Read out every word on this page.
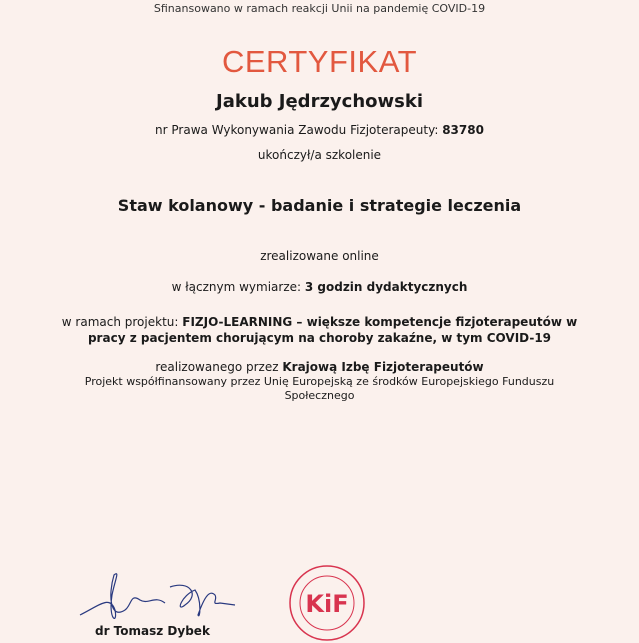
Sfinansowano w ramach reakcji Unii na pandemię COVID-19
CERTYFIKAT
Jakub Jędrzychowski
nr Prawa Wykonywania Zawodu Fizjoterapeuty: 83780
ukończył/a szkolenie
Staw kolanowy - badanie i strategie leczenia
zrealizowane online
w łącznym wymiarze: 3 godzin dydaktycznych
w ramach projektu: FIZJO-LEARNING – większe kompetencje fizjoterapeutów w
pracy z pacjentem chorującym na choroby zakaźne, w tym COVID-19
realizowanego przez Krajową Izbę Fizjoterapeutów
Projekt współfinansowany przez Unię Europejską ze środków Europejskiego Funduszu
Społecznego
KiF
dr Tomasz Dybek
